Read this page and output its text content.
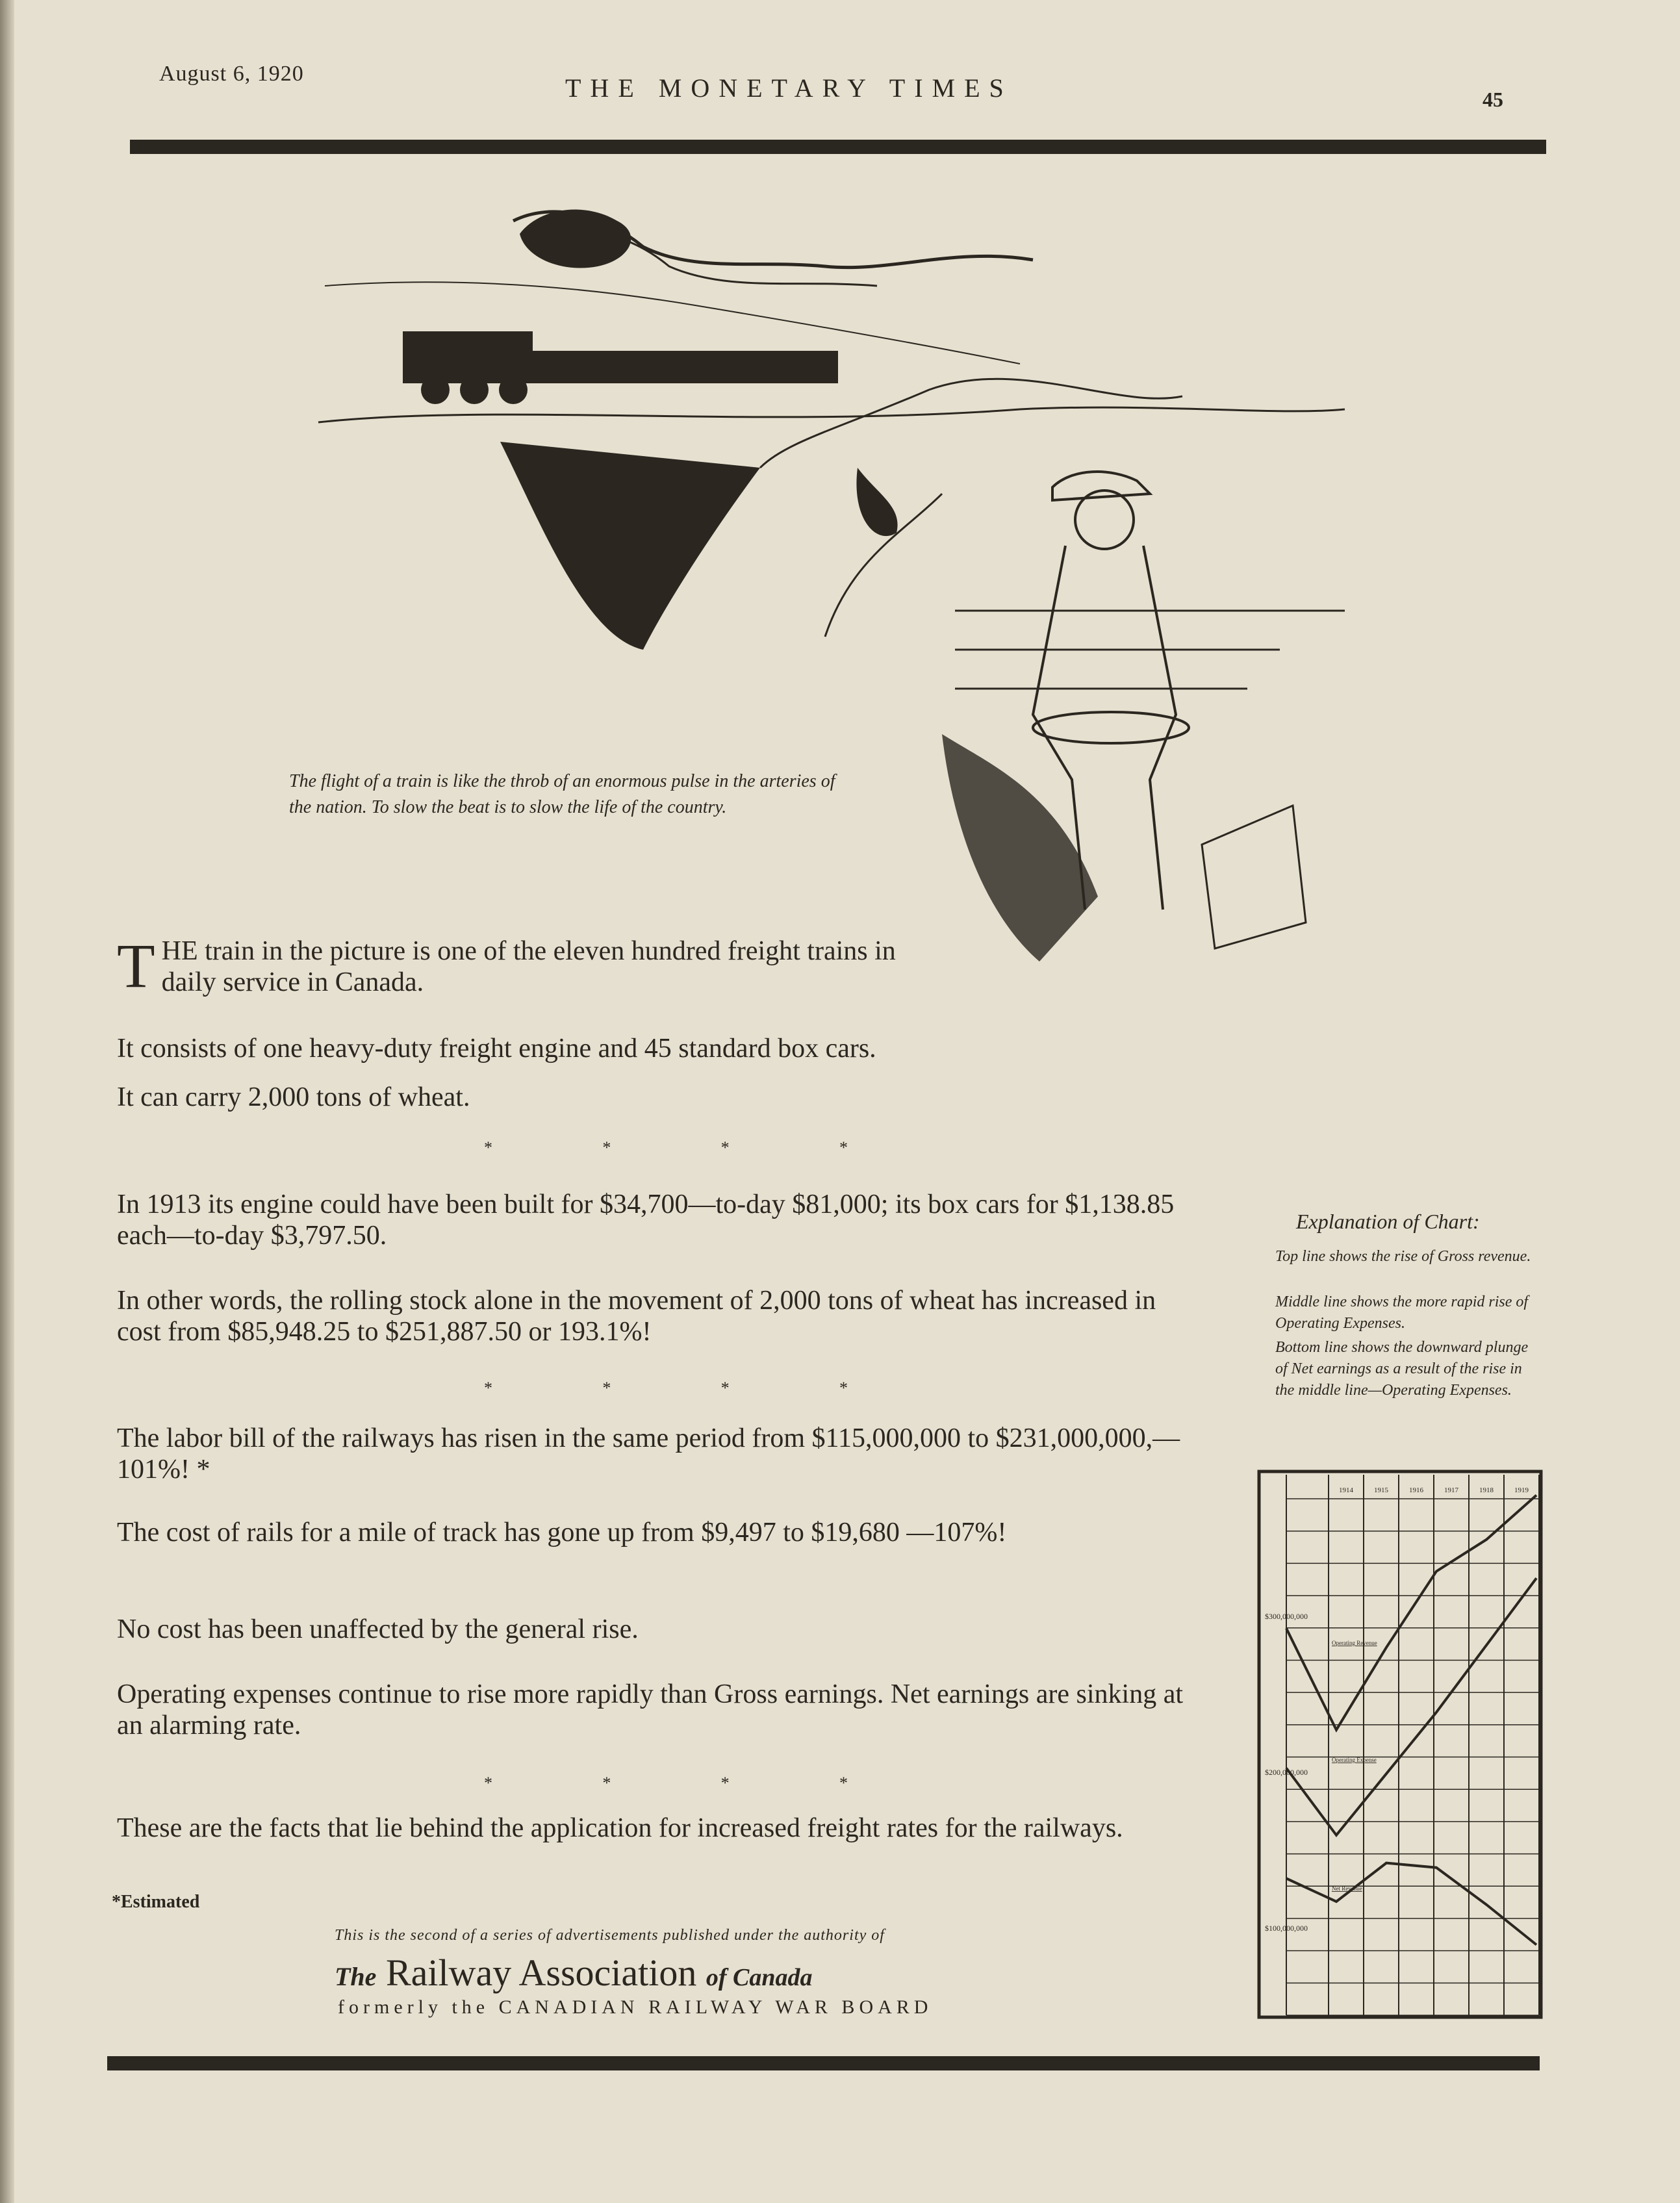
August 6, 1920	THE MONETARY TIMES	45
The flight of a train is like the throb of an enormous pulse in the arteries of the nation. To slow the beat is to slow the life of the country.
T HE train in the picture is one of the eleven hundred freight trains in daily service in Canada.
It consists of one heavy-duty freight engine and 45 standard box cars.
It can carry 2,000 tons of wheat.
*	*	*	*
In 1913 its engine could have been built for $34,700—to-day $81,000; its box cars for $1,138.85 each—to-day $3,797.50.
In other words, the rolling stock alone in the movement of 2,000 tons of wheat has increased in cost from $85,948.25 to $251,887.50 or 193.1%!
*	*	*	*
The labor bill of the railways has risen in the same period from $115,000,000 to $231,000,000,—101%! *
The cost of rails for a mile of track has gone up from $9,497 to $19,680 —107%!
No cost has been unaffected by the general rise.
Operating expenses continue to rise more rapidly than Gross earnings. Net earnings are sinking at an alarming rate.
*	*	*	*
These are the facts that lie behind the application for increased freight rates for the railways.
*Estimated
This is the second of a series of advertisements published under the authority of
The Railway Association of Canada
formerly the CANADIAN RAILWAY WAR BOARD
Explanation of Chart:
Top line shows the rise of Gross revenue.
Middle line shows the more rapid rise of Operating Expenses.
Bottom line shows the downward plunge of Net earnings as a result of the rise in the middle line—Operating Expenses.
1914	1915	1916	1917	1918	1919
$300,000,000
$200,000,000
$100,000,000
Operating Revenue
Operating Expense
Net Revenue
